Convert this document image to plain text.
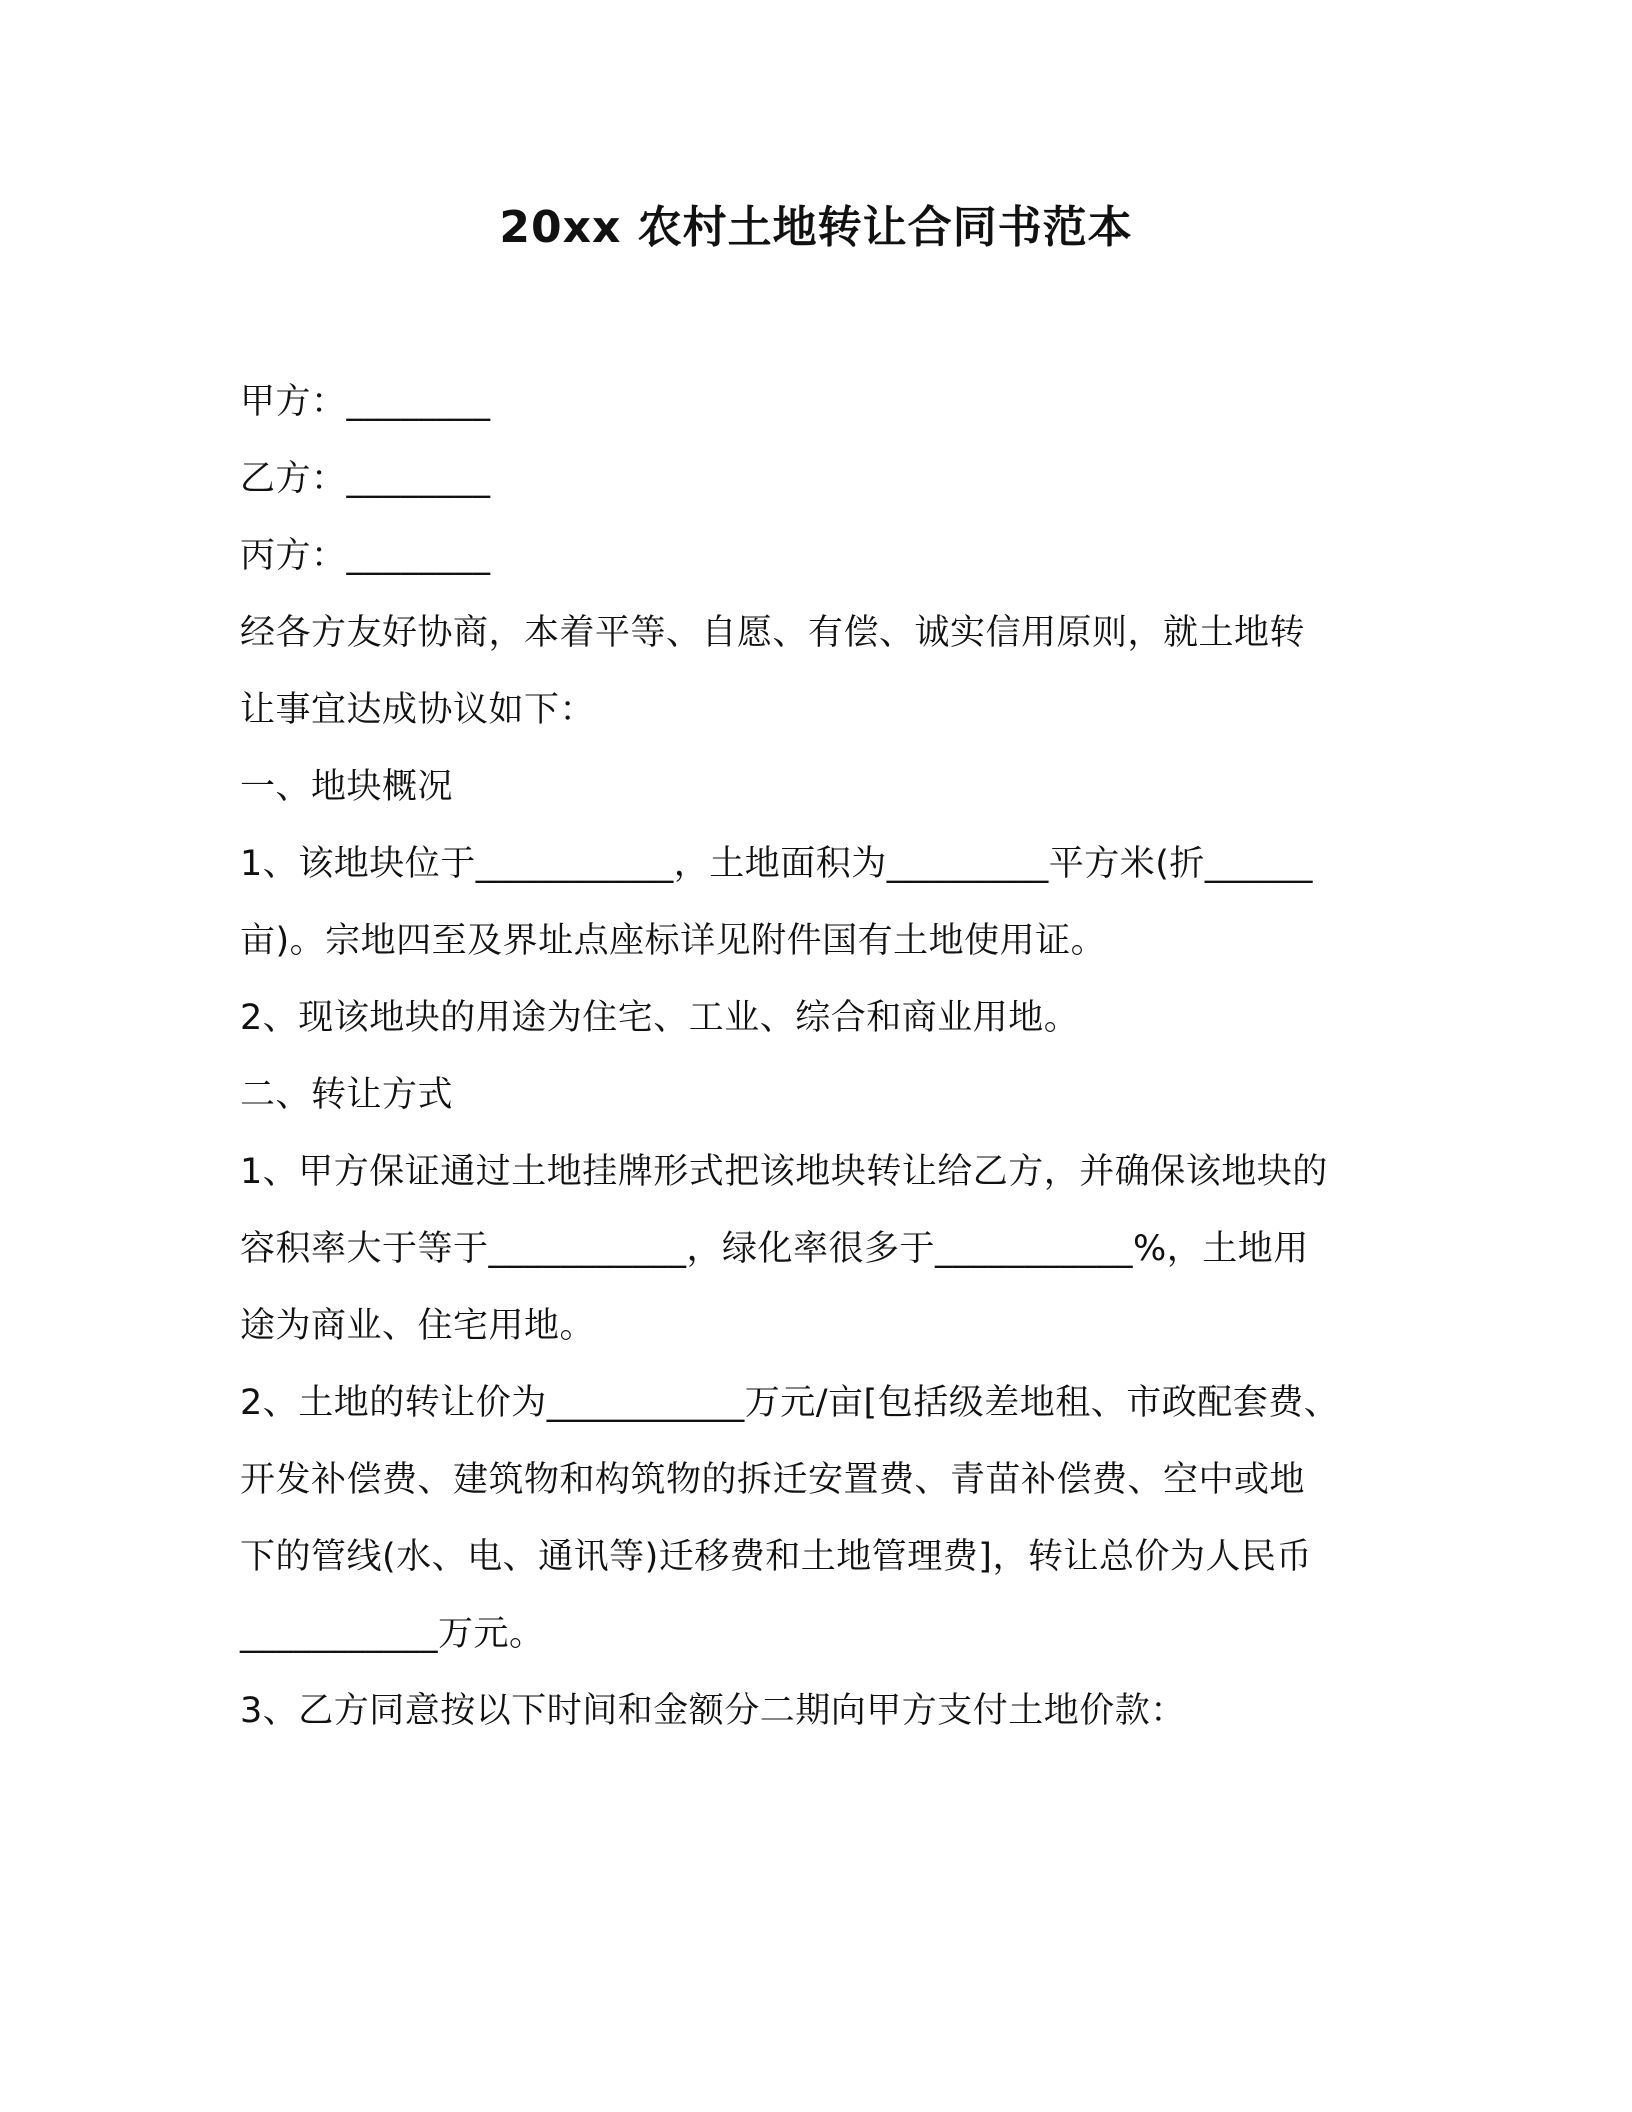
20xx 农村土地转让合同书范本
甲方：________
乙方：________
丙方：________
经各方友好协商，本着平等、自愿、有偿、诚实信用原则，就土地转
让事宜达成协议如下：
一、地块概况
1、该地块位于___________，土地面积为_________平方米(折______
亩)。宗地四至及界址点座标详见附件国有土地使用证。
2、现该地块的用途为住宅、工业、综合和商业用地。
二、转让方式
1、甲方保证通过土地挂牌形式把该地块转让给乙方，并确保该地块的
容积率大于等于___________，绿化率很多于___________%，土地用
途为商业、住宅用地。
2、土地的转让价为___________万元/亩[包括级差地租、市政配套费、
开发补偿费、建筑物和构筑物的拆迁安置费、青苗补偿费、空中或地
下的管线(水、电、通讯等)迁移费和土地管理费]，转让总价为人民币
___________万元。
3、乙方同意按以下时间和金额分二期向甲方支付土地价款：
